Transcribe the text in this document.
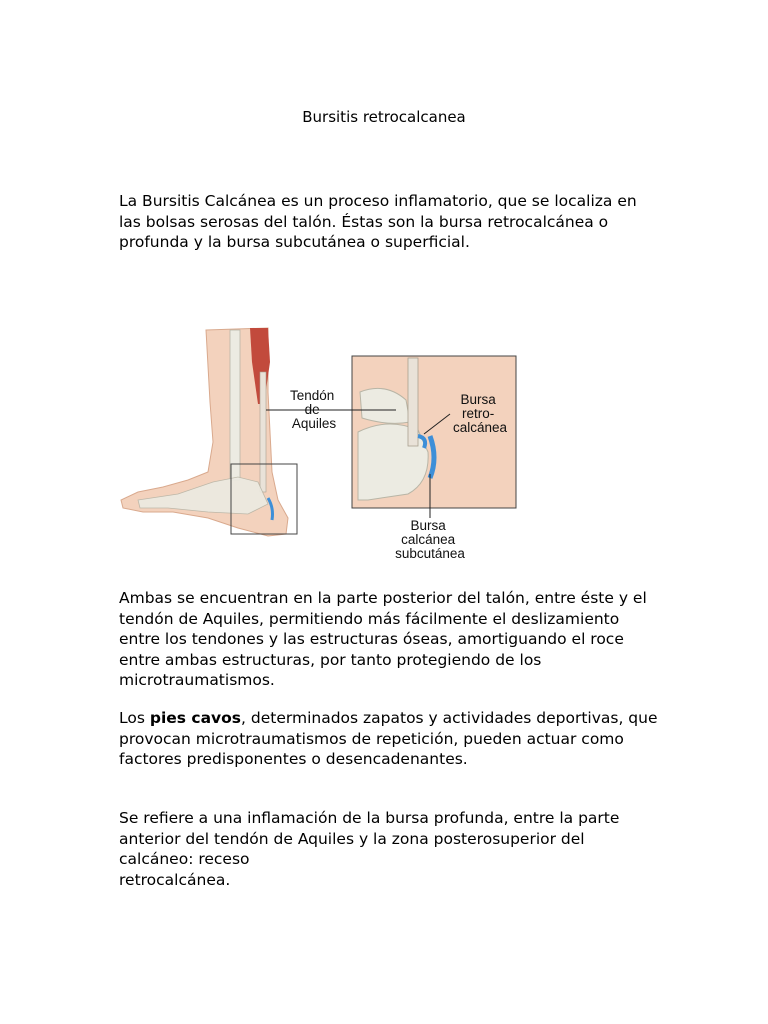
Bursitis retrocalcanea

La Bursitis Calcánea es un proceso inflamatorio, que se localiza en las bolsas serosas del talón. Éstas son la bursa retrocalcánea o profunda y la bursa subcutánea o superficial.

Tendón de Aquiles
Bursa retro- calcánea
Bursa calcánea subcutánea

Ambas se encuentran en la parte posterior del talón, entre éste y el tendón de Aquiles, permitiendo más fácilmente el deslizamiento entre los tendones y las estructuras óseas, amortiguando el roce entre ambas estructuras, por tanto protegiendo de los microtraumatismos.

Los pies cavos, determinados zapatos y actividades deportivas, que provocan microtraumatismos de repetición, pueden actuar como factores predisponentes o desencadenantes.

Se refiere a una inflamación de la bursa profunda, entre la parte anterior del tendón de Aquiles y la zona posterosuperior del calcáneo: receso
retrocalcánea.
